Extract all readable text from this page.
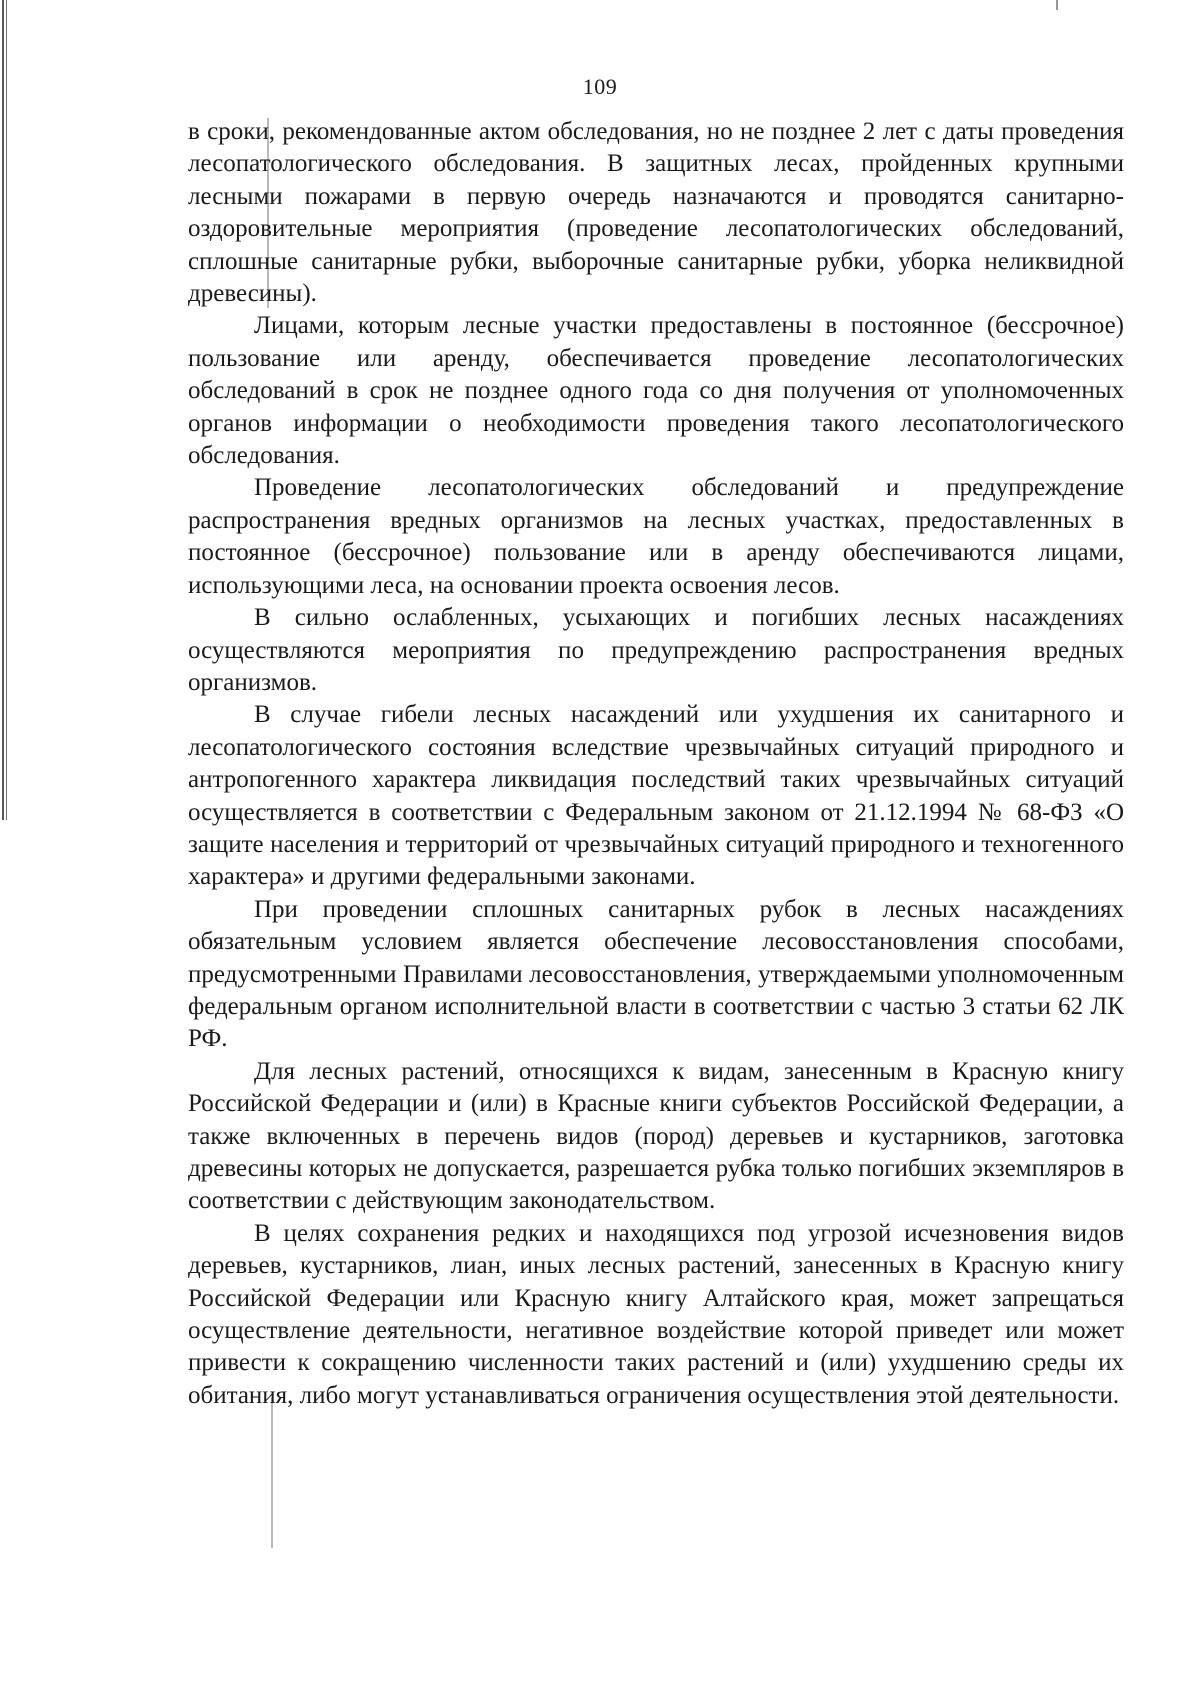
109

в сроки, рекомендованные актом обследования, но не позднее 2 лет с даты проведения лесопатологического обследования. В защитных лесах, пройденных крупными лесными пожарами в первую очередь назначаются и проводятся санитарно-оздоровительные мероприятия (проведение лесопатологических обследований, сплошные санитарные рубки, выборочные санитарные рубки, уборка неликвидной древесины).

Лицами, которым лесные участки предоставлены в постоянное (бессрочное) пользование или аренду, обеспечивается проведение лесопатологических обследований в срок не позднее одного года со дня получения от уполномоченных органов информации о необходимости проведения такого лесопатологического обследования.

Проведение лесопатологических обследований и предупреждение распространения вредных организмов на лесных участках, предоставленных в постоянное (бессрочное) пользование или в аренду обеспечиваются лицами, использующими леса, на основании проекта освоения лесов.

В сильно ослабленных, усыхающих и погибших лесных насаждениях осуществляются мероприятия по предупреждению распространения вредных организмов.

В случае гибели лесных насаждений или ухудшения их санитарного и лесопатологического состояния вследствие чрезвычайных ситуаций природного и антропогенного характера ликвидация последствий таких чрезвычайных ситуаций осуществляется в соответствии с Федеральным законом от 21.12.1994 № 68-ФЗ «О защите населения и территорий от чрезвычайных ситуаций природного и техногенного характера» и другими федеральными законами.

При проведении сплошных санитарных рубок в лесных насаждениях обязательным условием является обеспечение лесовосстановления способами, предусмотренными Правилами лесовосстановления, утверждаемыми уполномоченным федеральным органом исполнительной власти в соответствии с частью 3 статьи 62 ЛК РФ.

Для лесных растений, относящихся к видам, занесенным в Красную книгу Российской Федерации и (или) в Красные книги субъектов Российской Федерации, а также включенных в перечень видов (пород) деревьев и кустарников, заготовка древесины которых не допускается, разрешается рубка только погибших экземпляров в соответствии с действующим законодательством.

В целях сохранения редких и находящихся под угрозой исчезновения видов деревьев, кустарников, лиан, иных лесных растений, занесенных в Красную книгу Российской Федерации или Красную книгу Алтайского края, может запрещаться осуществление деятельности, негативное воздействие которой приведет или может привести к сокращению численности таких растений и (или) ухудшению среды их обитания, либо могут устанавливаться ограничения осуществления этой деятельности.
